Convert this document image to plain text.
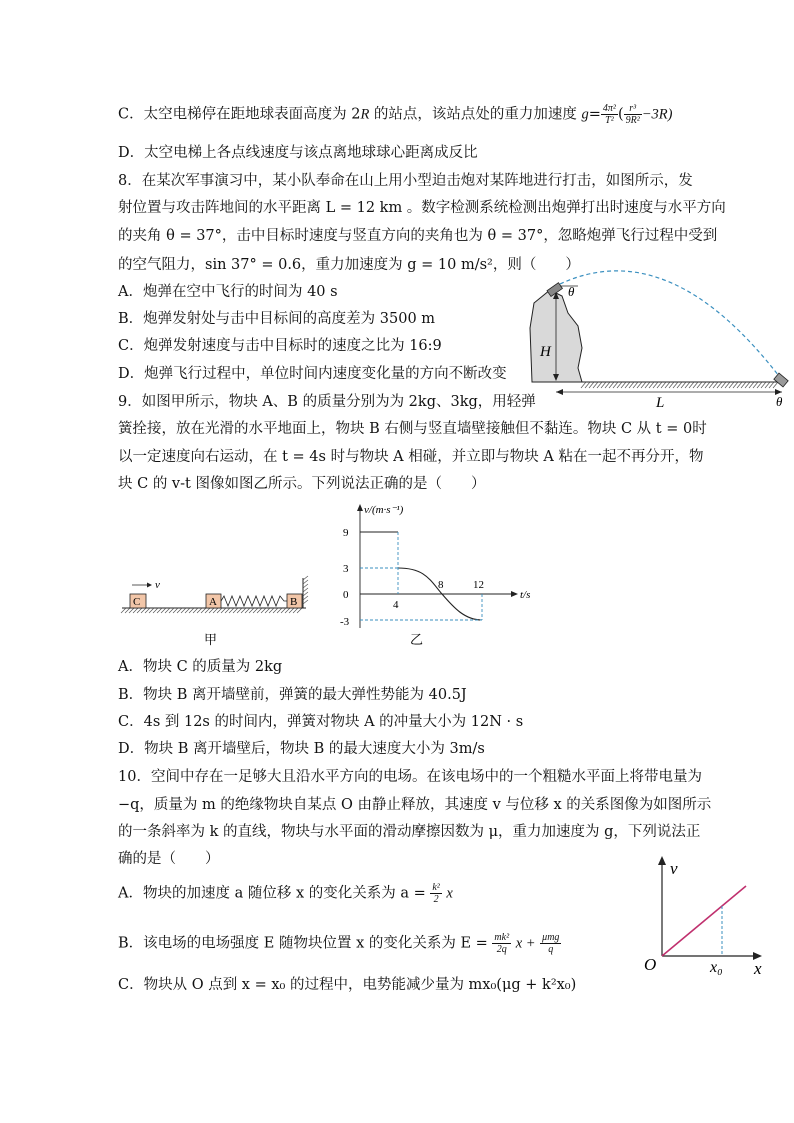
C．太空电梯停在距地球表面高度为 2R 的站点，该站点处的重力加速度 $g= \frac{\text{4π²}}{\text{T²}}$ ( $\frac{\text{r³}}{\text{9R²}} -3R$)
D．太空电梯上各点线速度与该点离地球球心距离成反比
8．在某次军事演习中，某小队奉命在山上用小型迫击炮对某阵地进行打击，如图所示，发
射位置与攻击阵地间的水平距离 L = 12 km 。数字检测系统检测出炮弹打出时速度与水平方向
的夹角 θ = 37°，击中目标时速度与竖直方向的夹角也为 θ = 37°，忽略炮弹飞行过程中受到
的空气阻力，sin 37° = 0.6，重力加速度为 g = 10 m/s²，则（　　）
A．炮弹在空中飞行的时间为 40 s
B．炮弹发射处与击中目标间的高度差为 3500 m
C．炮弹发射速度与击中目标时的速度之比为 16:9
D．炮弹飞行过程中，单位时间内速度变化量的方向不断改变
θ
H
θ
L
9．如图甲所示，物块 A、B 的质量分别为为 2kg、3kg，用轻弹
簧拴接，放在光滑的水平地面上，物块 B 右侧与竖直墙壁接触但不黏连。物块 C 从 t = 0时
以一定速度向右运动，在 t = 4s 时与物块 A 相碰，并立即与物块 A 粘在一起不再分开，物
块 C 的 v-t 图像如图乙所示。下列说法正确的是（　　）
C
v
A	B
甲
v/(m·s⁻¹)
t/s
9
3
0
-3
4
8	12
乙
A．物块 C 的质量为 2kg
B．物块 B 离开墙壁前，弹簧的最大弹性势能为 40.5J
C．4s 到 12s 的时间内，弹簧对物块 A 的冲量大小为 12N · s
D．物块 B 离开墙壁后，物块 B 的最大速度大小为 3m/s
10．空间中存在一足够大且沿水平方向的电场。在该电场中的一个粗糙水平面上将带电量为
−q，质量为 m 的绝缘物块自某点 O 由静止释放，其速度 v 与位移 x 的关系图像为如图所示
的一条斜率为 k 的直线，物块与水平面的滑动摩擦因数为 μ，重力加速度为 g，下列说法正
确的是（　　）
A．物块的加速度 a 随位移 x 的变化关系为 $a = \frac{\text{k²}}{2}$ x
B．该电场的电场强度 E 随物块位置 x 的变化关系为 $E = \frac{\text{mk²}}{2q}$ $x + \frac{\text{μmg}}{q}$
C．物块从 O 点到 x = x₀ 的过程中，电势能减少量为 mx₀(μg + k²x₀)
v
O	x₀ x
